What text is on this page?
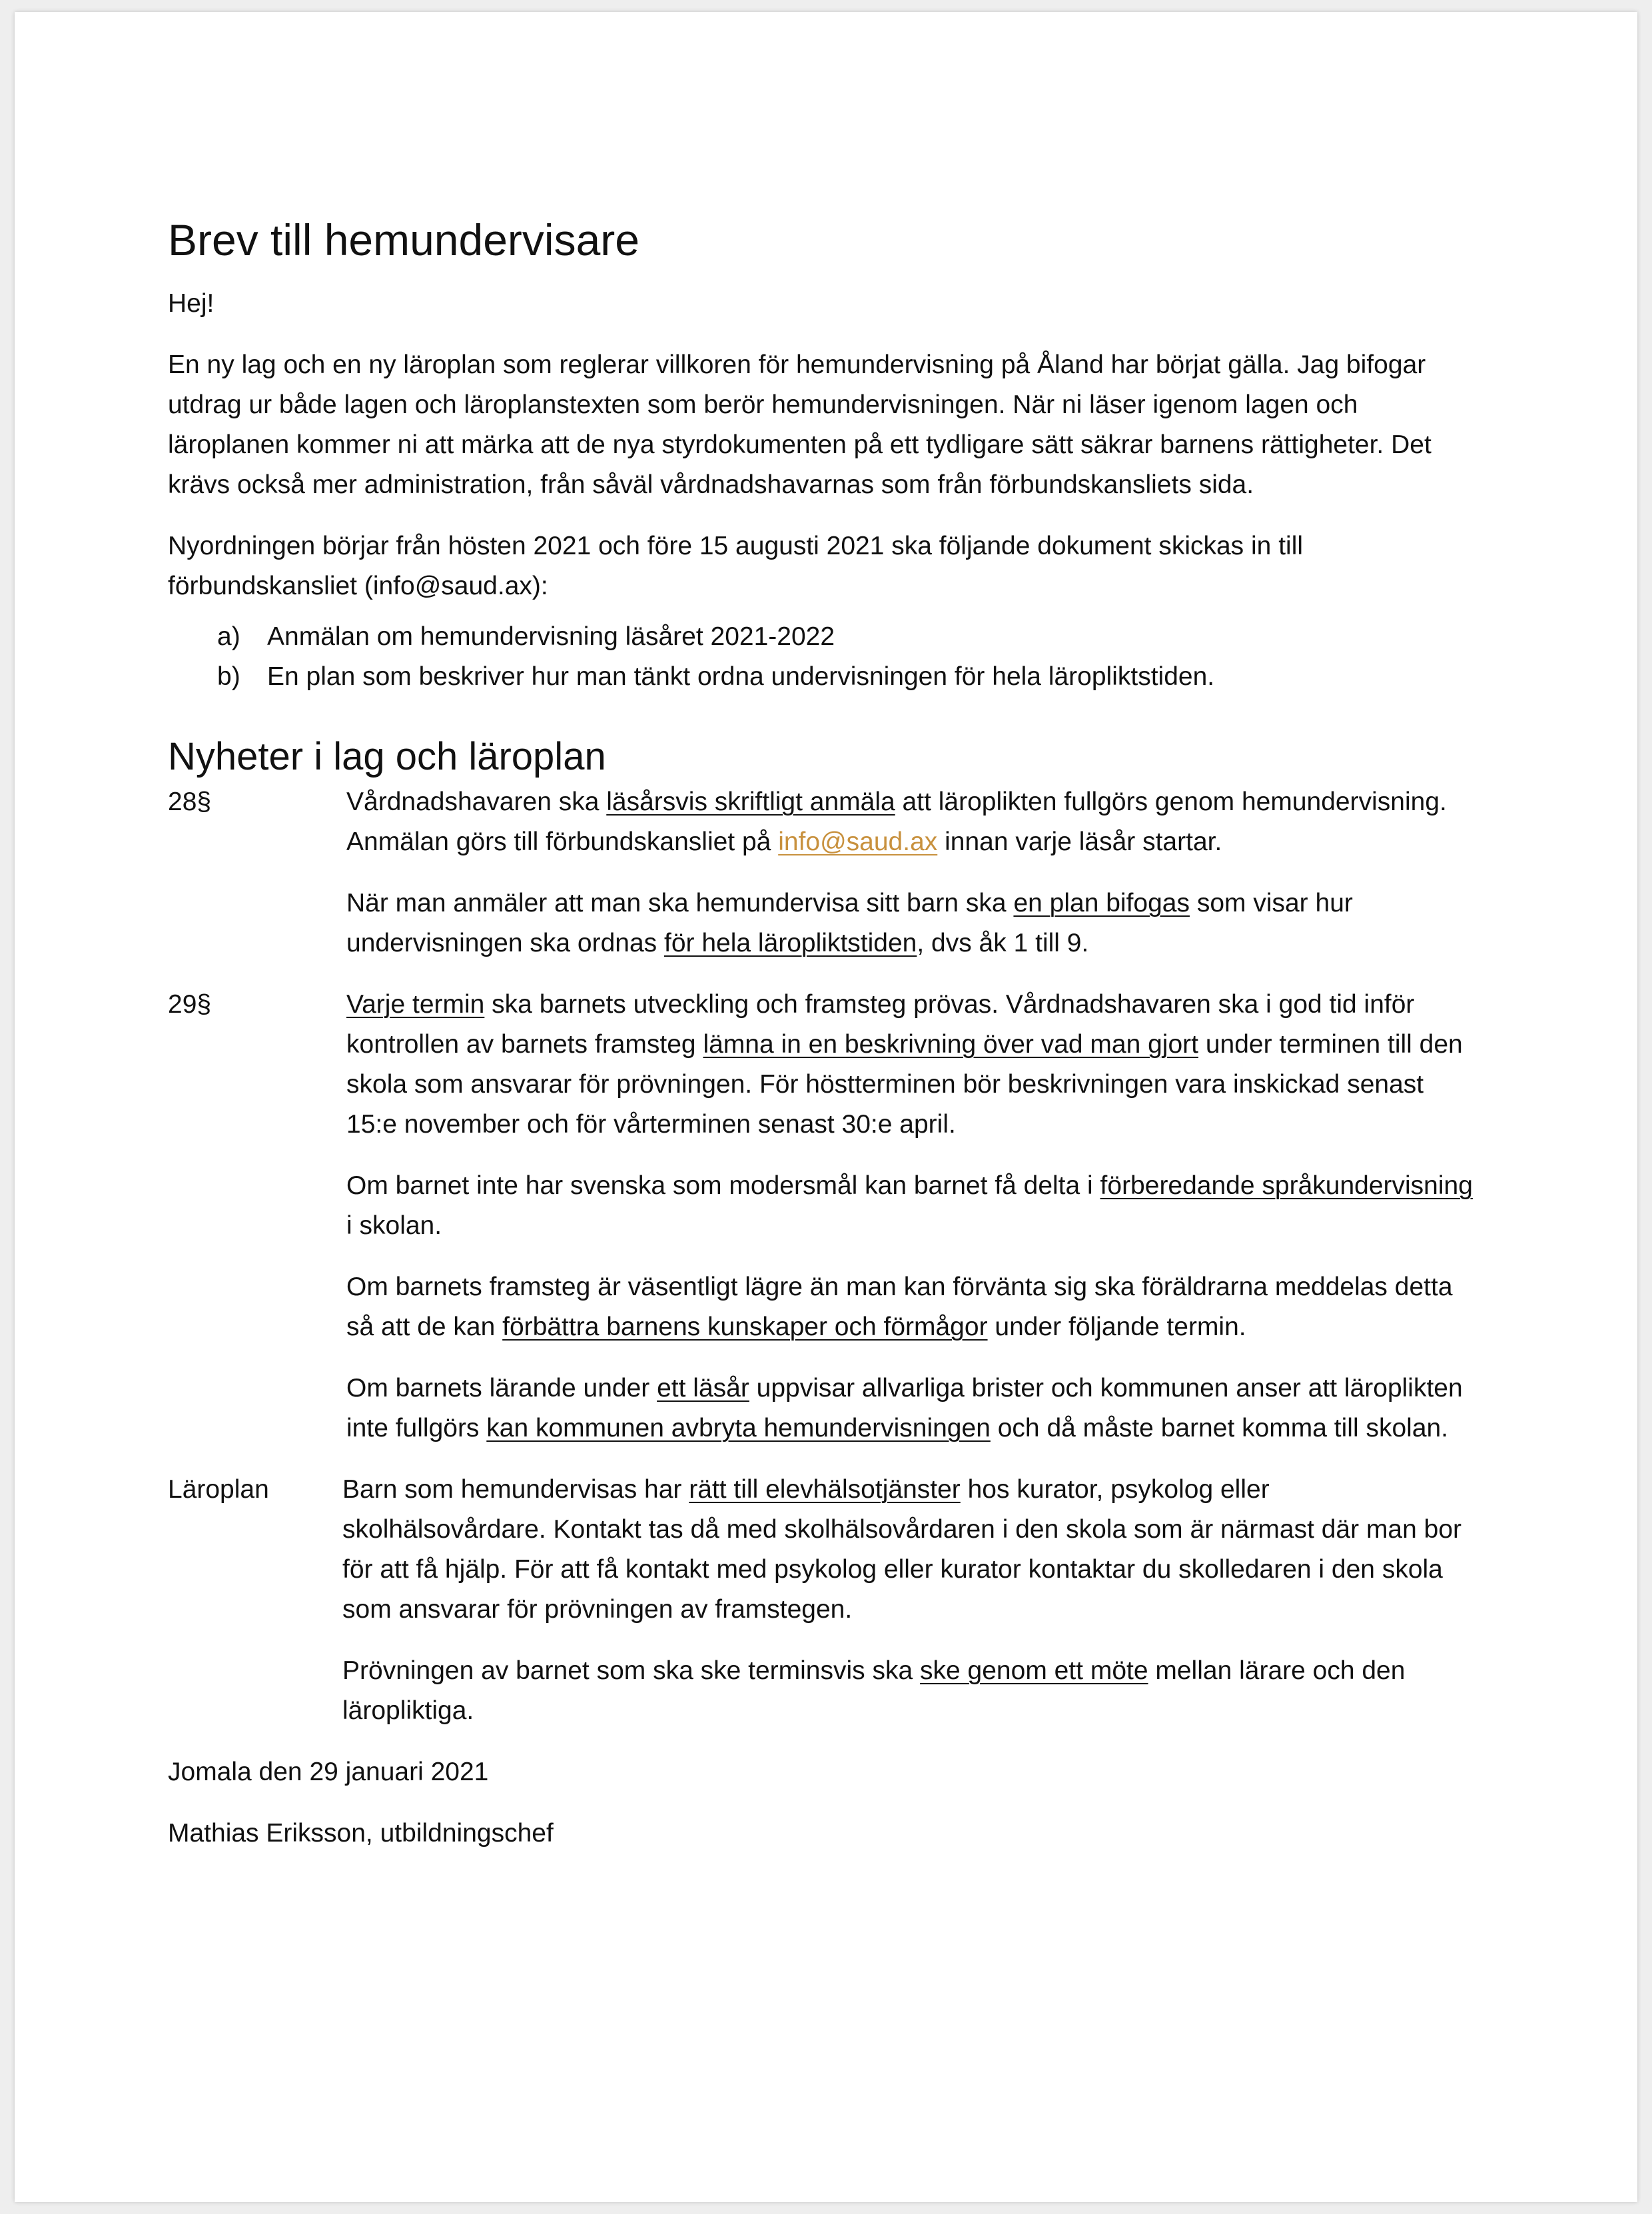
Brev till hemundervisare

Hej!

En ny lag och en ny läroplan som reglerar villkoren för hemundervisning på Åland har börjat gälla. Jag bifogar utdrag ur både lagen och läroplanstexten som berör hemundervisningen. När ni läser igenom lagen och läroplanen kommer ni att märka att de nya styrdokumenten på ett tydligare sätt säkrar barnens rättigheter. Det krävs också mer administration, från såväl vårdnadshavarnas som från förbundskansliets sida.

Nyordningen börjar från hösten 2021 och före 15 augusti 2021 ska följande dokument skickas in till förbundskansliet (info@saud.ax):

a)	Anmälan om hemundervisning läsåret 2021-2022
b)	En plan som beskriver hur man tänkt ordna undervisningen för hela läropliktstiden.
Nyheter i lag och läroplan
28§	Vårdnadshavaren ska läsårsvis skriftligt anmäla att läroplikten fullgörs genom hemundervisning. Anmälan görs till förbundskansliet på info@saud.ax innan varje läsår startar.

När man anmäler att man ska hemundervisa sitt barn ska en plan bifogas som visar hur undervisningen ska ordnas för hela läropliktstiden, dvs åk 1 till 9.

29§	Varje termin ska barnets utveckling och framsteg prövas. Vårdnadshavaren ska i god tid inför kontrollen av barnets framsteg lämna in en beskrivning över vad man gjort under terminen till den skola som ansvarar för prövningen. För höstterminen bör beskrivningen vara inskickad senast 15:e november och för vårterminen senast 30:e april.

Om barnet inte har svenska som modersmål kan barnet få delta i förberedande språkundervisning i skolan.

Om barnets framsteg är väsentligt lägre än man kan förvänta sig ska föräldrarna meddelas detta så att de kan förbättra barnens kunskaper och förmågor under följande termin.

Om barnets lärande under ett läsår uppvisar allvarliga brister och kommunen anser att läroplikten inte fullgörs kan kommunen avbryta hemundervisningen och då måste barnet komma till skolan.

Läroplan	Barn som hemundervisas har rätt till elevhälsotjänster hos kurator, psykolog eller skolhälsovårdare. Kontakt tas då med skolhälsovårdaren i den skola som är närmast där man bor för att få hjälp. För att få kontakt med psykolog eller kurator kontaktar du skolledaren i den skola som ansvarar för prövningen av framstegen.

Prövningen av barnet som ska ske terminsvis ska ske genom ett möte mellan lärare och den läropliktiga.

Jomala den 29 januari 2021

Mathias Eriksson, utbildningschef
